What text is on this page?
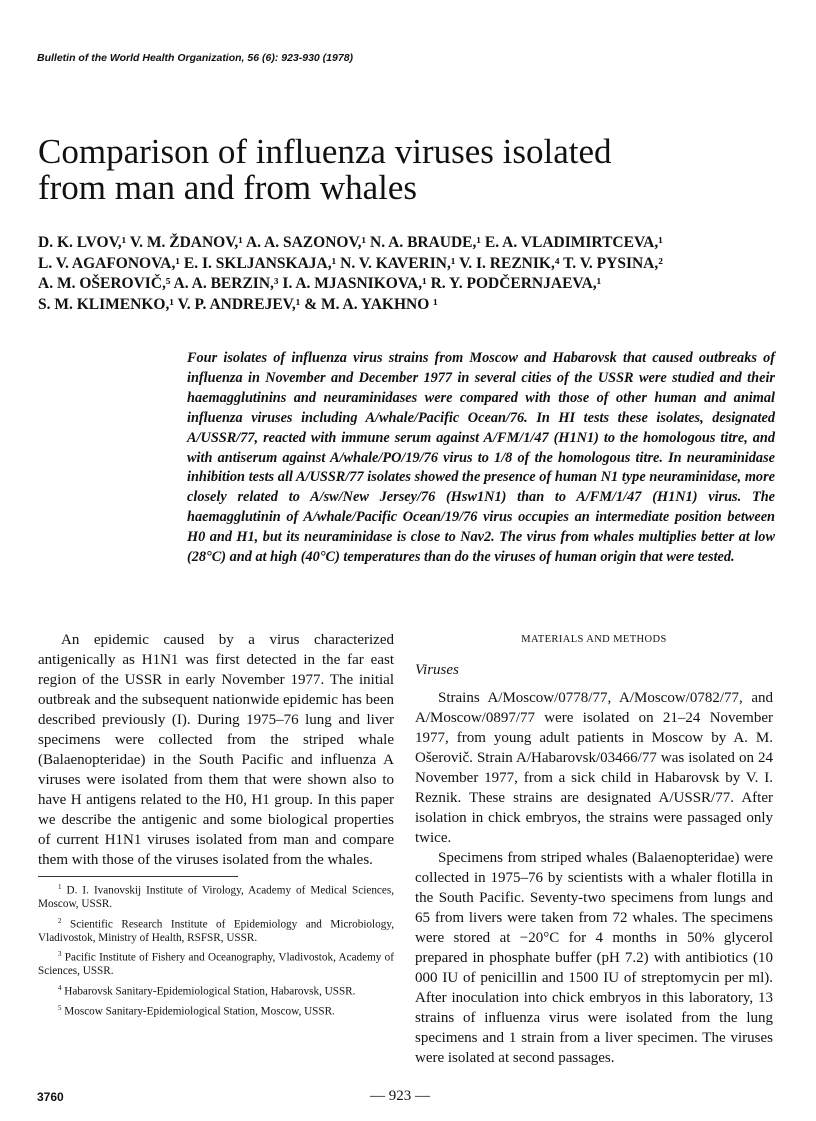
Bulletin of the World Health Organization, 56 (6): 923-930 (1978)
Comparison of influenza viruses isolated
from man and from whales
D. K. LVOV,¹ V. M. ŽDANOV,¹ A. A. SAZONOV,¹ N. A. BRAUDE,¹ E. A. VLADIMIRTCEVA,¹
L. V. AGAFONOVA,¹ E. I. SKLJANSKAJA,¹ N. V. KAVERIN,¹ V. I. REZNIK,⁴ T. V. PYSINA,²
A. M. OŠEROVIČ,⁵ A. A. BERZIN,³ I. A. MJASNIKOVA,¹ R. Y. PODČERNJAEVA,¹
S. M. KLIMENKO,¹ V. P. ANDREJEV,¹ & M. A. YAKHNO ¹

Four isolates of influenza virus strains from Moscow and Habarovsk that caused outbreaks of influenza in November and December 1977 in several cities of the USSR were studied and their haemagglutinins and neuraminidases were compared with those of other human and animal influenza viruses including A/whale/Pacific Ocean/76. In HI tests these isolates, designated A/USSR/77, reacted with immune serum against A/FM/1/47 (H1N1) to the homologous titre, and with antiserum against A/whale/PO/19/76 virus to 1/8 of the homologous titre. In neuraminidase inhibition tests all A/USSR/77 isolates showed the presence of human N1 type neuraminidase, more closely related to A/sw/New Jersey/76 (Hsw1N1) than to A/FM/1/47 (H1N1) virus. The haemagglutinin of A/whale/Pacific Ocean/19/76 virus occupies an intermediate position between H0 and H1, but its neuraminidase is close to Nav2. The virus from whales multiplies better at low (28°C) and at high (40°C) temperatures than do the viruses of human origin that were tested.

An epidemic caused by a virus characterized antigenically as H1N1 was first detected in the far east region of the USSR in early November 1977. The initial outbreak and the subsequent nationwide epidemic has been described previously (I). During 1975–76 lung and liver specimens were collected from the striped whale (Balaenopteridae) in the South Pacific and influenza A viruses were isolated from them that were shown also to have H antigens related to the H0, H1 group. In this paper we describe the antigenic and some biological properties of current H1N1 viruses isolated from man and compare them with those of the viruses isolated from the whales.

$^1$ D. I. Ivanovskij Institute of Virology, Academy of Medical Sciences, Moscow, USSR.
$^2$ Scientific Research Institute of Epidemiology and Microbiology, Vladivostok, Ministry of Health, RSFSR, USSR.
$^3$ Pacific Institute of Fishery and Oceanography, Vladivostok, Academy of Sciences, USSR.
$^4$ Habarovsk Sanitary-Epidemiological Station, Habarovsk, USSR.
$^5$ Moscow Sanitary-Epidemiological Station, Moscow, USSR.
MATERIALS AND METHODS
Viruses

Strains A/Moscow/0778/77, A/Moscow/0782/77, and A/Moscow/0897/77 were isolated on 21–24 November 1977, from young adult patients in Moscow by A. M. Ošerovič. Strain A/Habarovsk/03466/77 was isolated on 24 November 1977, from a sick child in Habarovsk by V. I. Reznik. These strains are designated A/USSR/77. After isolation in chick embryos, the strains were passaged only twice.

Specimens from striped whales (Balaenopteridae) were collected in 1975–76 by scientists with a whaler flotilla in the South Pacific. Seventy-two specimens from lungs and 65 from livers were taken from 72 whales. The specimens were stored at −20°C for 4 months in 50% glycerol prepared in phosphate buffer (pH 7.2) with antibiotics (10 000 IU of penicillin and 1500 IU of streptomycin per ml). After inoculation into chick embryos in this laboratory, 13 strains of influenza virus were isolated from the lung specimens and 1 strain from a liver specimen. The viruses were isolated at second passages.

3760	— 923 —
